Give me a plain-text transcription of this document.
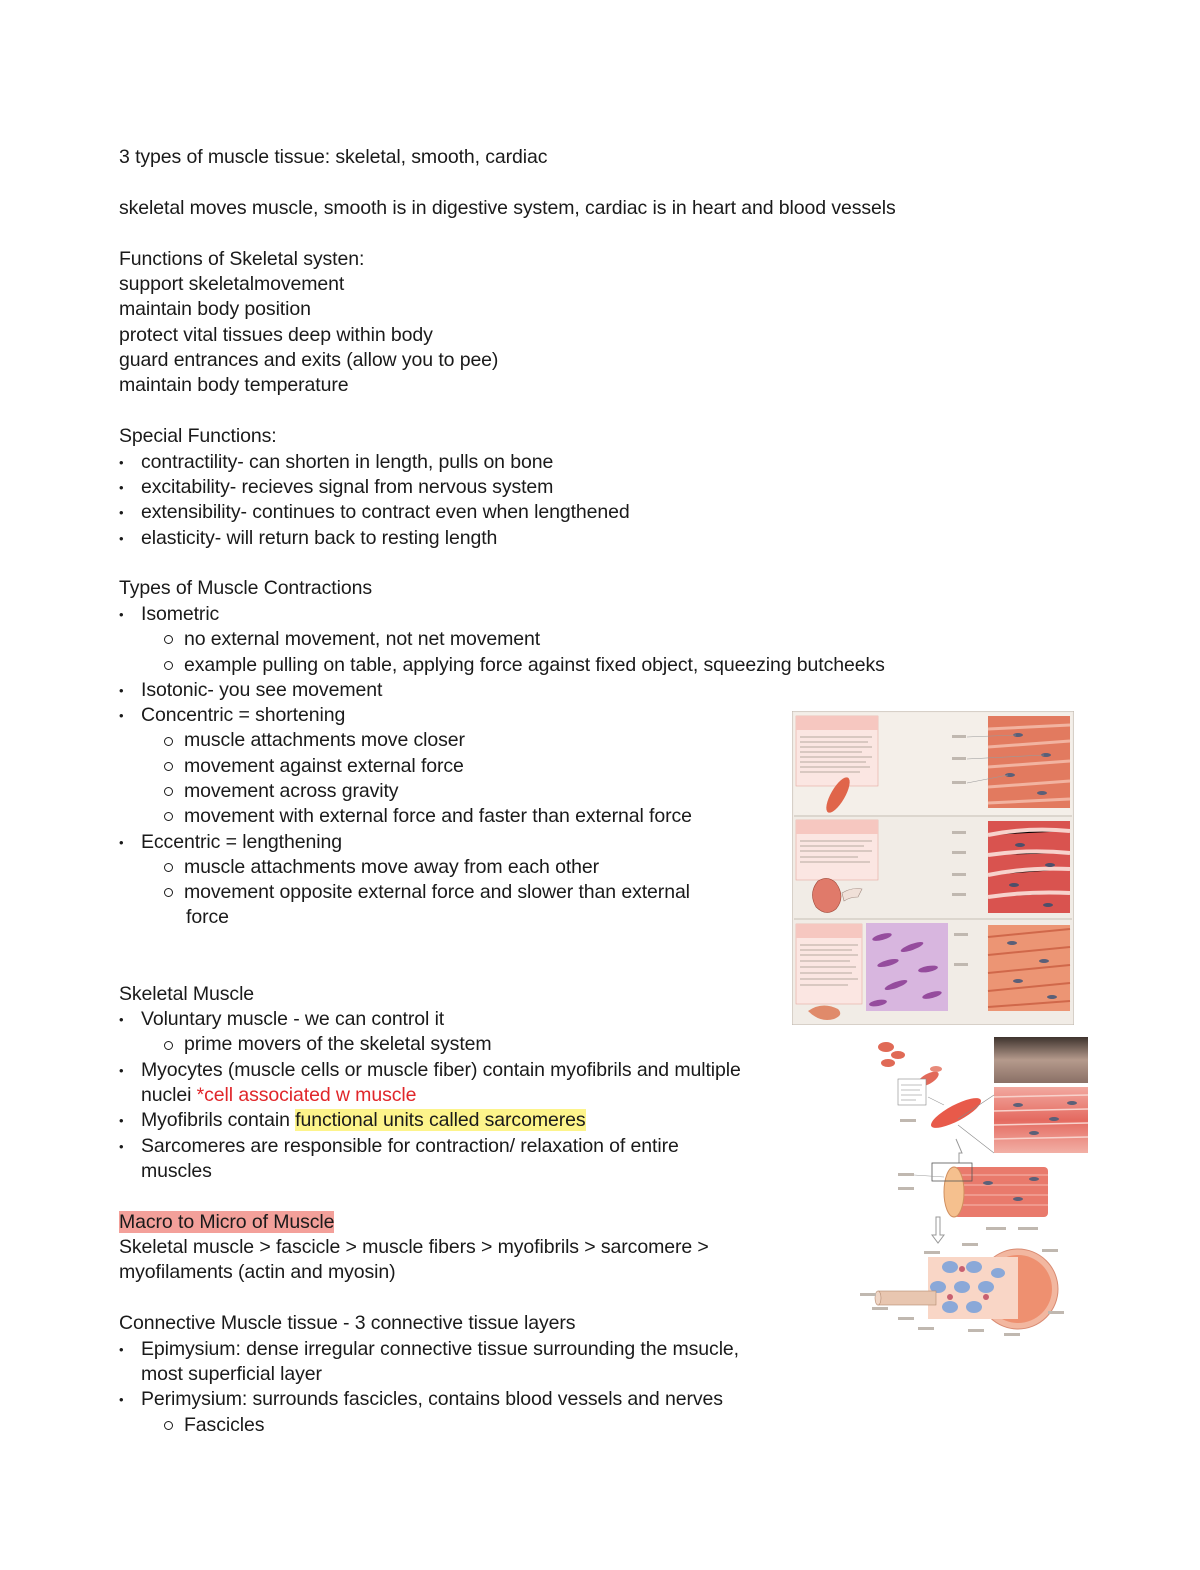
3 types of muscle tissue: skeletal, smooth, cardiac
skeletal moves muscle, smooth is in digestive system, cardiac is in heart and blood vessels
Functions of Skeletal systen:
support skeletalmovement
maintain body position
protect vital tissues deep within body
guard entrances and exits (allow you to pee)
maintain body temperature
Special Functions:
• contractility- can shorten in length, pulls on bone
• excitability- recieves signal from nervous system
• extensibility- continues to contract even when lengthened
• elasticity- will return back to resting length
Types of Muscle Contractions
• Isometric
no external movement, not net movement
example pulling on table, applying force against fixed object, squeezing butcheeks
• Isotonic- you see movement
• Concentric = shortening
muscle attachments move closer
movement against external force
movement across gravity
movement with external force and faster than external force
• Eccentric = lengthening
muscle attachments move away from each other
movement opposite external force and slower than external
force
Skeletal Muscle
• Voluntary muscle - we can control it
prime movers of the skeletal system
• Myocytes (muscle cells or muscle fiber) contain myofibrils and multiple
nuclei *cell associated w muscle
• Myofibrils contain functional units called sarcomeres
• Sarcomeres are responsible for contraction/ relaxation of entire
muscles
Macro to Micro of Muscle
Skeletal muscle > fascicle > muscle fibers > myofibrils > sarcomere >
myofilaments (actin and myosin)
Connective Muscle tissue - 3 connective tissue layers
• Epimysium: dense irregular connective tissue surrounding the msucle,
most superficial layer
• Perimysium: surrounds fascicles, contains blood vessels and nerves
Fascicles
